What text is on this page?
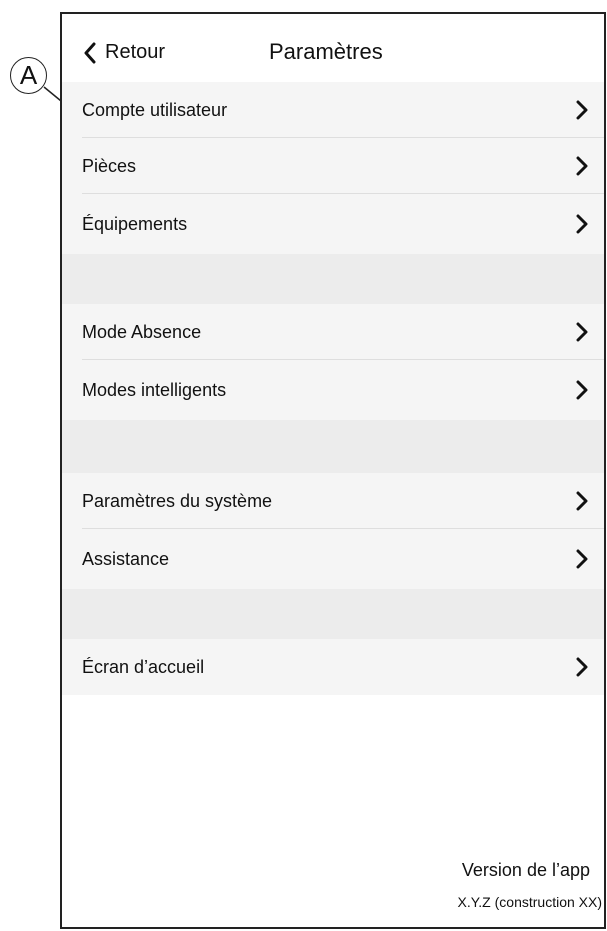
A
Retour	Paramètres
Compte utilisateur
Pièces
Équipements
Mode Absence
Modes intelligents
Paramètres du système
Assistance
Écran d’accueil
Version de l’app
X.Y.Z (construction XX)
